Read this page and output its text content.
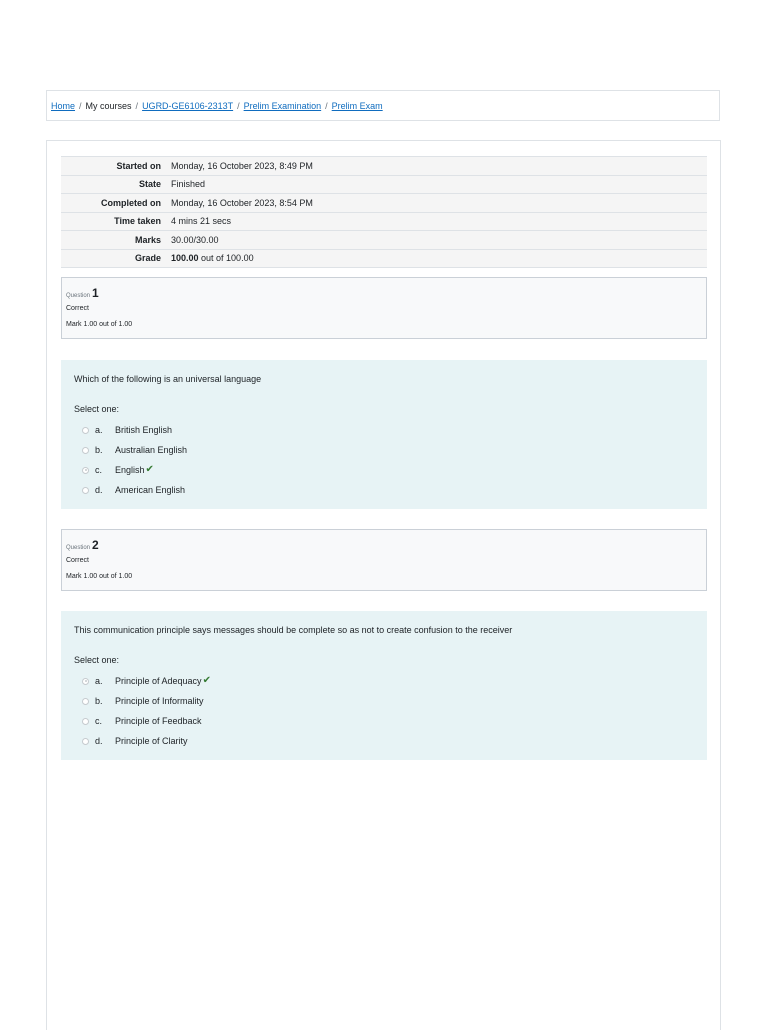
Home / My courses / UGRD-GE6106-2313T / Prelim Examination / Prelim Exam
Started on	Monday, 16 October 2023, 8:49 PM
State	Finished
Completed on	Monday, 16 October 2023, 8:54 PM
Time taken	4 mins 21 secs
Marks	30.00/30.00
Grade	100.00 out of 100.00
Question 1
Correct
Mark 1.00 out of 1.00
Which of the following is an universal language
Select one:
a.	British English
b.	Australian English
c.	English ✔
d.	American English
Question 2
Correct
Mark 1.00 out of 1.00
This communication principle says messages should be complete so as not to create confusion to the receiver
Select one:
a.	Principle of Adequacy ✔
b.	Principle of Informality
c.	Principle of Feedback
d.	Principle of Clarity
